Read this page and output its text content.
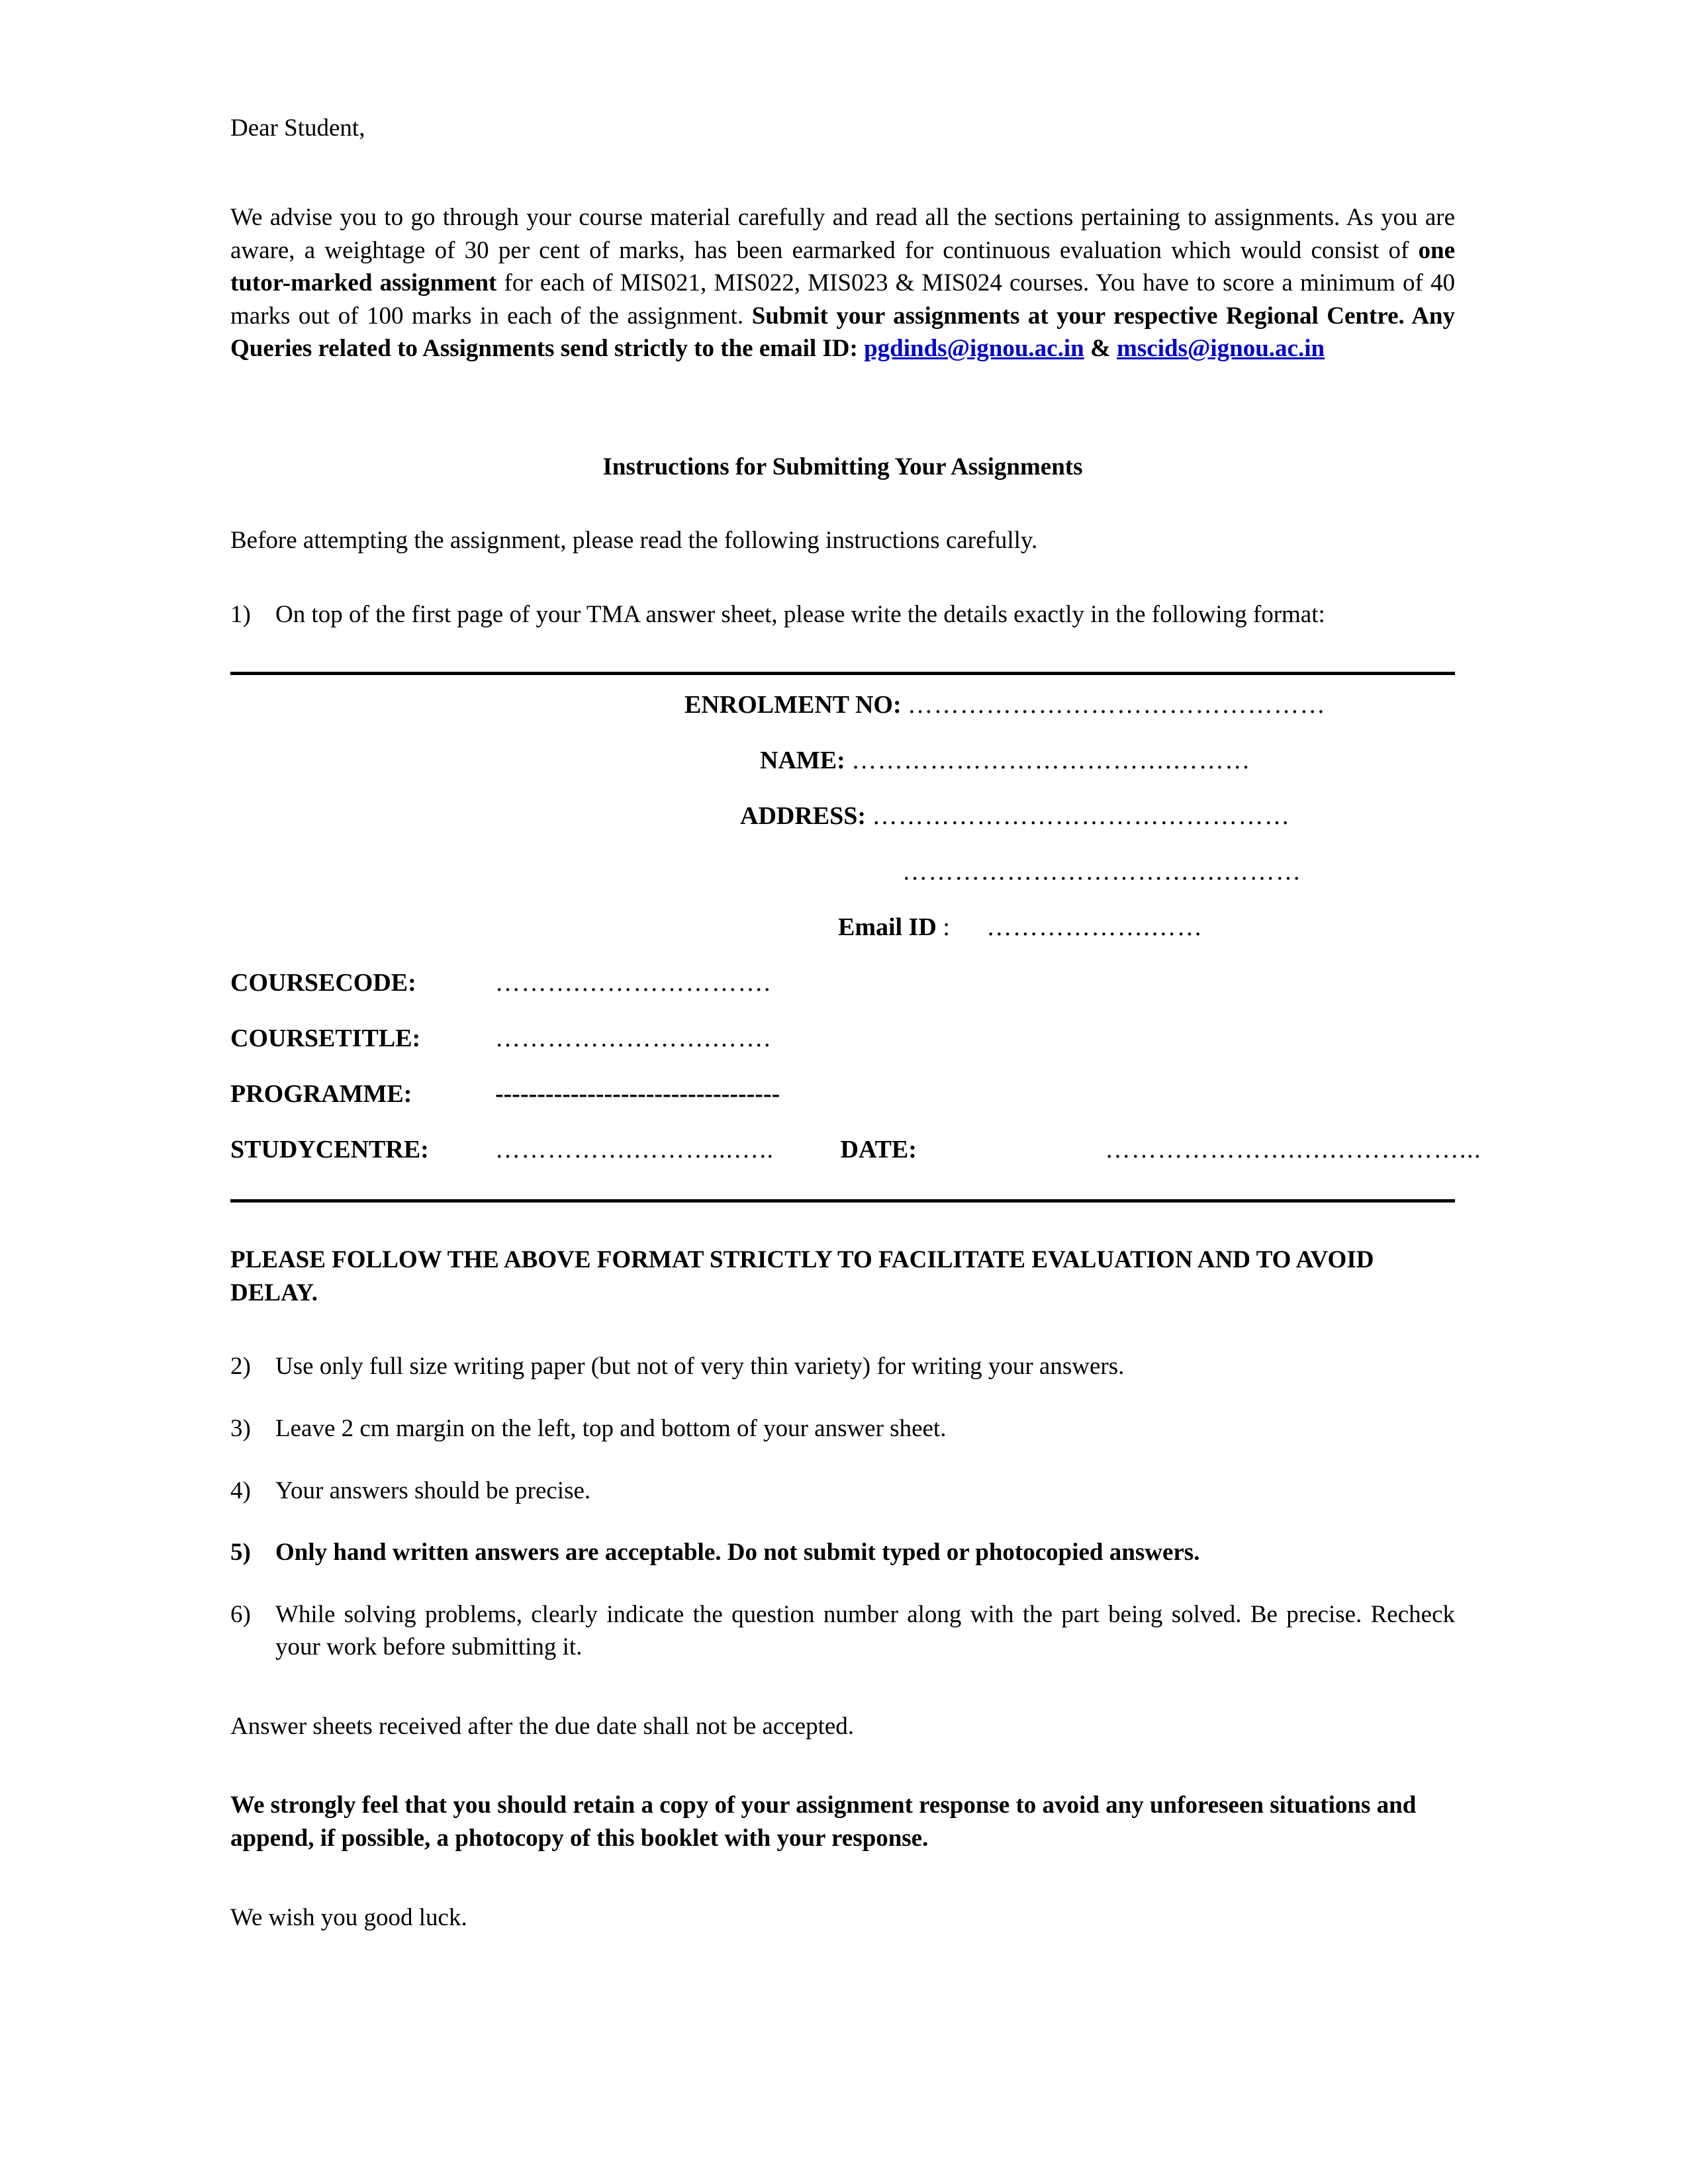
Dear Student,

We advise you to go through your course material carefully and read all the sections pertaining to assignments. As you are aware, a weightage of 30 per cent of marks, has been earmarked for continuous evaluation which would consist of one tutor-marked assignment for each of MIS021, MIS022, MIS023 & MIS024 courses. You have to score a minimum of 40 marks out of 100 marks in each of the assignment. Submit your assignments at your respective Regional Centre. Any Queries related to Assignments send strictly to the email ID: pgdinds@ignou.ac.in & mscids@ignou.ac.in

Instructions for Submitting Your Assignments

Before attempting the assignment, please read the following instructions carefully.

1)	On top of the first page of your TMA answer sheet, please write the details exactly in the following format:
ENROLMENT NO: …………………………………………
NAME: ……………………………….………
ADDRESS: …………………………………………
……………………………….………
Email ID : ……………….……
COURSECODE:	……….………………….
COURSETITLE:	…………………….…….
PROGRAMME:	----------------------------------
STUDYCENTRE:	…………….………...…..	DATE:	………………….….……………...

PLEASE FOLLOW THE ABOVE FORMAT STRICTLY TO FACILITATE EVALUATION AND TO AVOID DELAY.

2)	Use only full size writing paper (but not of very thin variety) for writing your answers.
3)	Leave 2 cm margin on the left, top and bottom of your answer sheet.
4)	Your answers should be precise.
5)	Only hand written answers are acceptable. Do not submit typed or photocopied answers.
6)	While solving problems, clearly indicate the question number along with the part being solved. Be precise. Recheck your work before submitting it.

Answer sheets received after the due date shall not be accepted.

We strongly feel that you should retain a copy of your assignment response to avoid any unforeseen situations and append, if possible, a photocopy of this booklet with your response.

We wish you good luck.
